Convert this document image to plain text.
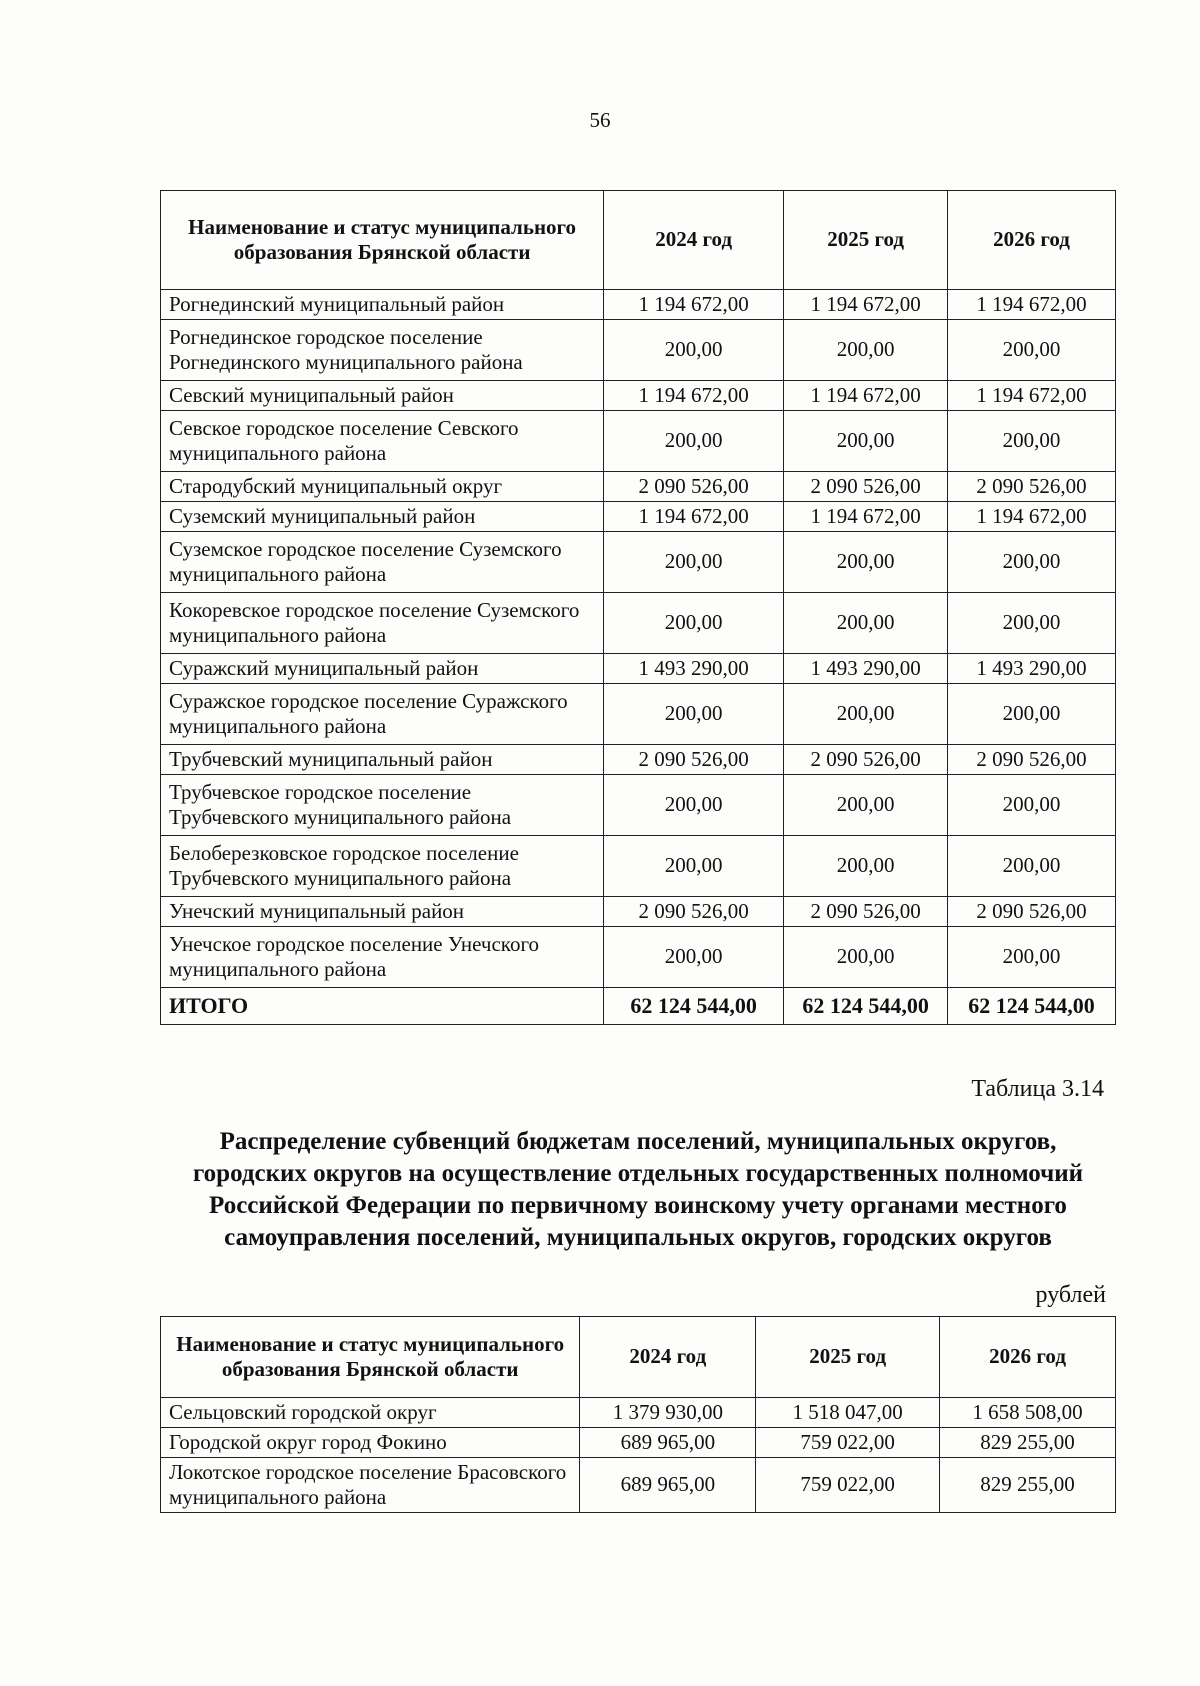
56
Наименование и статус муниципального образования Брянской области	2024 год	2025 год	2026 год
Рогнединский муниципальный район	1 194 672,00	1 194 672,00	1 194 672,00
Рогнединское городское поселение Рогнединского муниципального района	200,00	200,00	200,00
Севский муниципальный район	1 194 672,00	1 194 672,00	1 194 672,00
Севское городское поселение Севского муниципального района	200,00	200,00	200,00
Стародубский муниципальный округ	2 090 526,00	2 090 526,00	2 090 526,00
Суземский муниципальный район	1 194 672,00	1 194 672,00	1 194 672,00
Суземское городское поселение Суземского муниципального района	200,00	200,00	200,00
Кокоревское городское поселение Суземского муниципального района	200,00	200,00	200,00
Суражский муниципальный район	1 493 290,00	1 493 290,00	1 493 290,00
Суражское городское поселение Суражского муниципального района	200,00	200,00	200,00
Трубчевский муниципальный район	2 090 526,00	2 090 526,00	2 090 526,00
Трубчевское городское поселение Трубчевского муниципального района	200,00	200,00	200,00
Белоберезковское городское поселение Трубчевского муниципального района	200,00	200,00	200,00
Унечский муниципальный район	2 090 526,00	2 090 526,00	2 090 526,00
Унечское городское поселение Унечского муниципального района	200,00	200,00	200,00
ИТОГО	62 124 544,00	62 124 544,00	62 124 544,00
Таблица 3.14
Распределение субвенций бюджетам поселений, муниципальных округов, городских округов на осуществление отдельных государственных полномочий Российской Федерации по первичному воинскому учету органами местного самоуправления поселений, муниципальных округов, городских округов
рублей
Наименование и статус муниципального образования Брянской области	2024 год	2025 год	2026 год
Сельцовский городской округ	1 379 930,00	1 518 047,00	1 658 508,00
Городской округ город Фокино	689 965,00	759 022,00	829 255,00
Локотское городское поселение Брасовского муниципального района	689 965,00	759 022,00	829 255,00
